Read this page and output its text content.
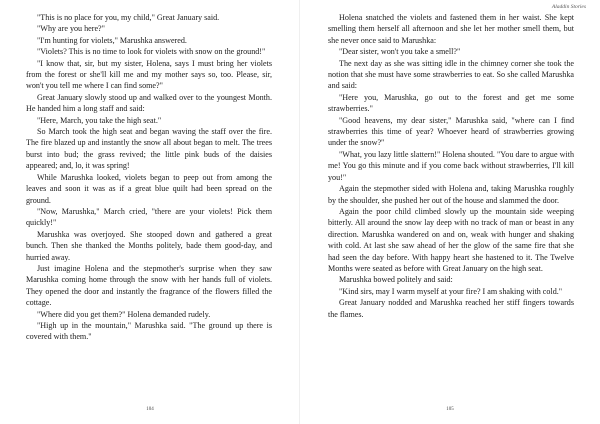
"This is no place for you, my child," Great January said.

"Why are you here?"

"I'm hunting for violets," Marushka answered.

"Violets? This is no time to look for violets with snow on the ground!"

"I know that, sir, but my sister, Holena, says I must bring her violets from the forest or she'll kill me and my mother says so, too. Please, sir, won't you tell me where I can find some?"

Great January slowly stood up and walked over to the youngest Month. He handed him a long staff and said:

"Here, March, you take the high seat."

So March took the high seat and began waving the staff over the fire. The fire blazed up and instantly the snow all about began to melt. The trees burst into bud; the grass revived; the little pink buds of the daisies appeared; and, lo, it was spring!

While Marushka looked, violets began to peep out from among the leaves and soon it was as if a great blue quilt had been spread on the ground.

"Now, Marushka," March cried, "there are your violets! Pick them quickly!"

Marushka was overjoyed. She stooped down and gathered a great bunch. Then she thanked the Months politely, bade them good-day, and hurried away.

Just imagine Holena and the stepmother's surprise when they saw Marushka coming home through the snow with her hands full of violets. They opened the door and instantly the fragrance of the flowers filled the cottage.

"Where did you get them?" Holena demanded rudely.

"High up in the mountain," Marushka said. "The ground up there is covered with them."

104
Aladdin Stories

Holena snatched the violets and fastened them in her waist. She kept smelling them herself all afternoon and she let her mother smell them, but she never once said to Marushka:

"Dear sister, won't you take a smell?"

The next day as she was sitting idle in the chimney corner she took the notion that she must have some strawberries to eat. So she called Marushka and said:

"Here you, Marushka, go out to the forest and get me some strawberries."

"Good heavens, my dear sister," Marushka said, "where can I find strawberries this time of year? Whoever heard of strawberries growing under the snow?"

"What, you lazy little slattern!" Holena shouted. "You dare to argue with me! You go this minute and if you come back without strawberries, I'll kill you!"

Again the stepmother sided with Holena and, taking Marushka roughly by the shoulder, she pushed her out of the house and slammed the door.

Again the poor child climbed slowly up the mountain side weeping bitterly. All around the snow lay deep with no track of man or beast in any direction. Marushka wandered on and on, weak with hunger and shaking with cold. At last she saw ahead of her the glow of the same fire that she had seen the day before. With happy heart she hastened to it. The Twelve Months were seated as before with Great January on the high seat.

Marushka bowed politely and said:

"Kind sirs, may I warm myself at your fire? I am shaking with cold."

Great January nodded and Marushka reached her stiff fingers towards the flames.

105
